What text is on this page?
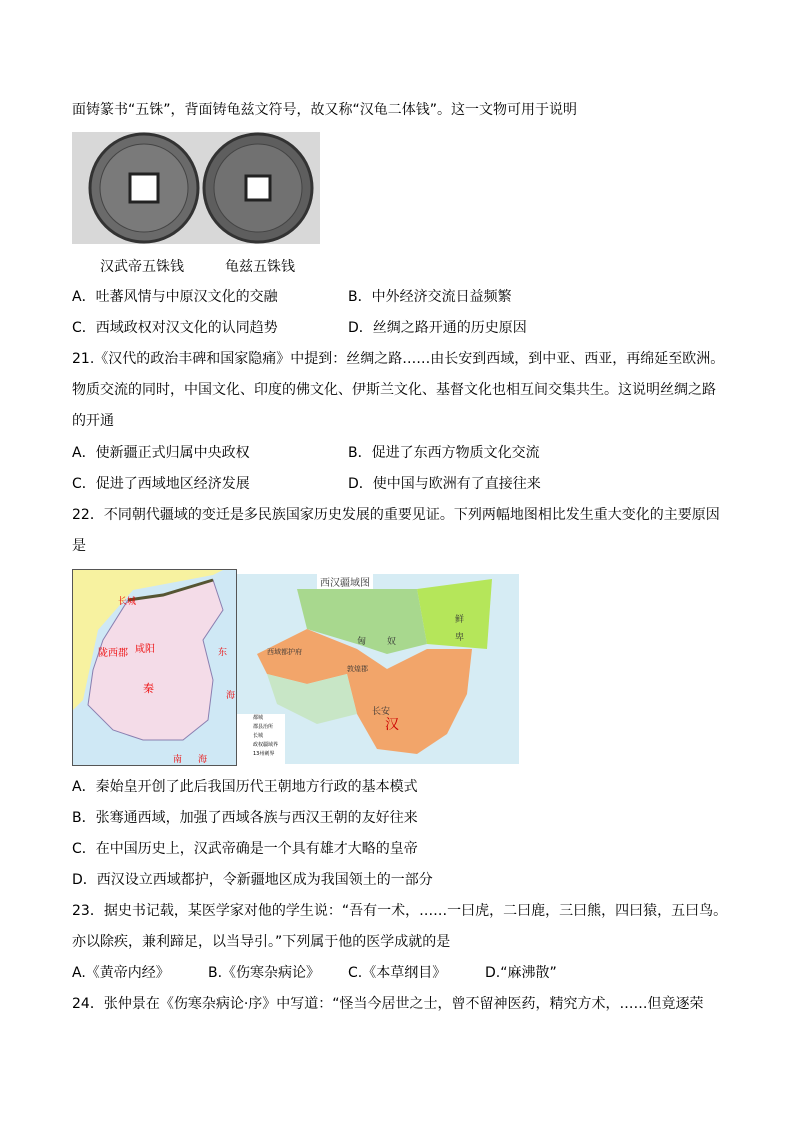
面铸篆书“五铢”，背面铸龟兹文符号，故又称“汉龟二体钱”。这一文物可用于说明
汉武帝五铢钱	龟兹五铢钱
A．吐蕃风情与中原汉文化的交融	B．中外经济交流日益频繁
C．西域政权对汉文化的认同趋势	D．丝绸之路开通的历史原因
21.《汉代的政治丰碑和国家隐痛》中提到：丝绸之路……由长安到西域，到中亚、西亚，再绵延至欧洲。
物质交流的同时，中国文化、印度的佛文化、伊斯兰文化、基督文化也相互间交集共生。这说明丝绸之路
的开通
A．使新疆正式归属中央政权	B．促进了东西方物质文化交流
C．促进了西域地区经济发展	D．使中国与欧洲有了直接往来
22．不同朝代疆域的变迁是多民族国家历史发展的重要见证。下列两幅地图相比发生重大变化的主要原因
是
长城
陇西郡 咸阳
秦
东
海
南 海
西汉疆域图
西域都护府
匈 奴
敦煌郡
长安
汉
鲜
卑
都城
郡县治所
长城
政权疆域界
13州刺界
A．秦始皇开创了此后我国历代王朝地方行政的基本模式
B．张骞通西域，加强了西域各族与西汉王朝的友好往来
C．在中国历史上，汉武帝确是一个具有雄才大略的皇帝
D．西汉设立西域都护，令新疆地区成为我国领土的一部分
23．据史书记载，某医学家对他的学生说：“吾有一术，……一曰虎，二曰鹿，三曰熊，四曰猿，五曰鸟。
亦以除疾，兼利蹄足，以当导引。”下列属于他的医学成就的是
A.《黄帝内经》	B.《伤寒杂病论》 C.《本草纲目》	D.“麻沸散”
24．张仲景在《伤寒杂病论·序》中写道：“怪当今居世之士，曾不留神医药，精究方术，……但竟逐荣
